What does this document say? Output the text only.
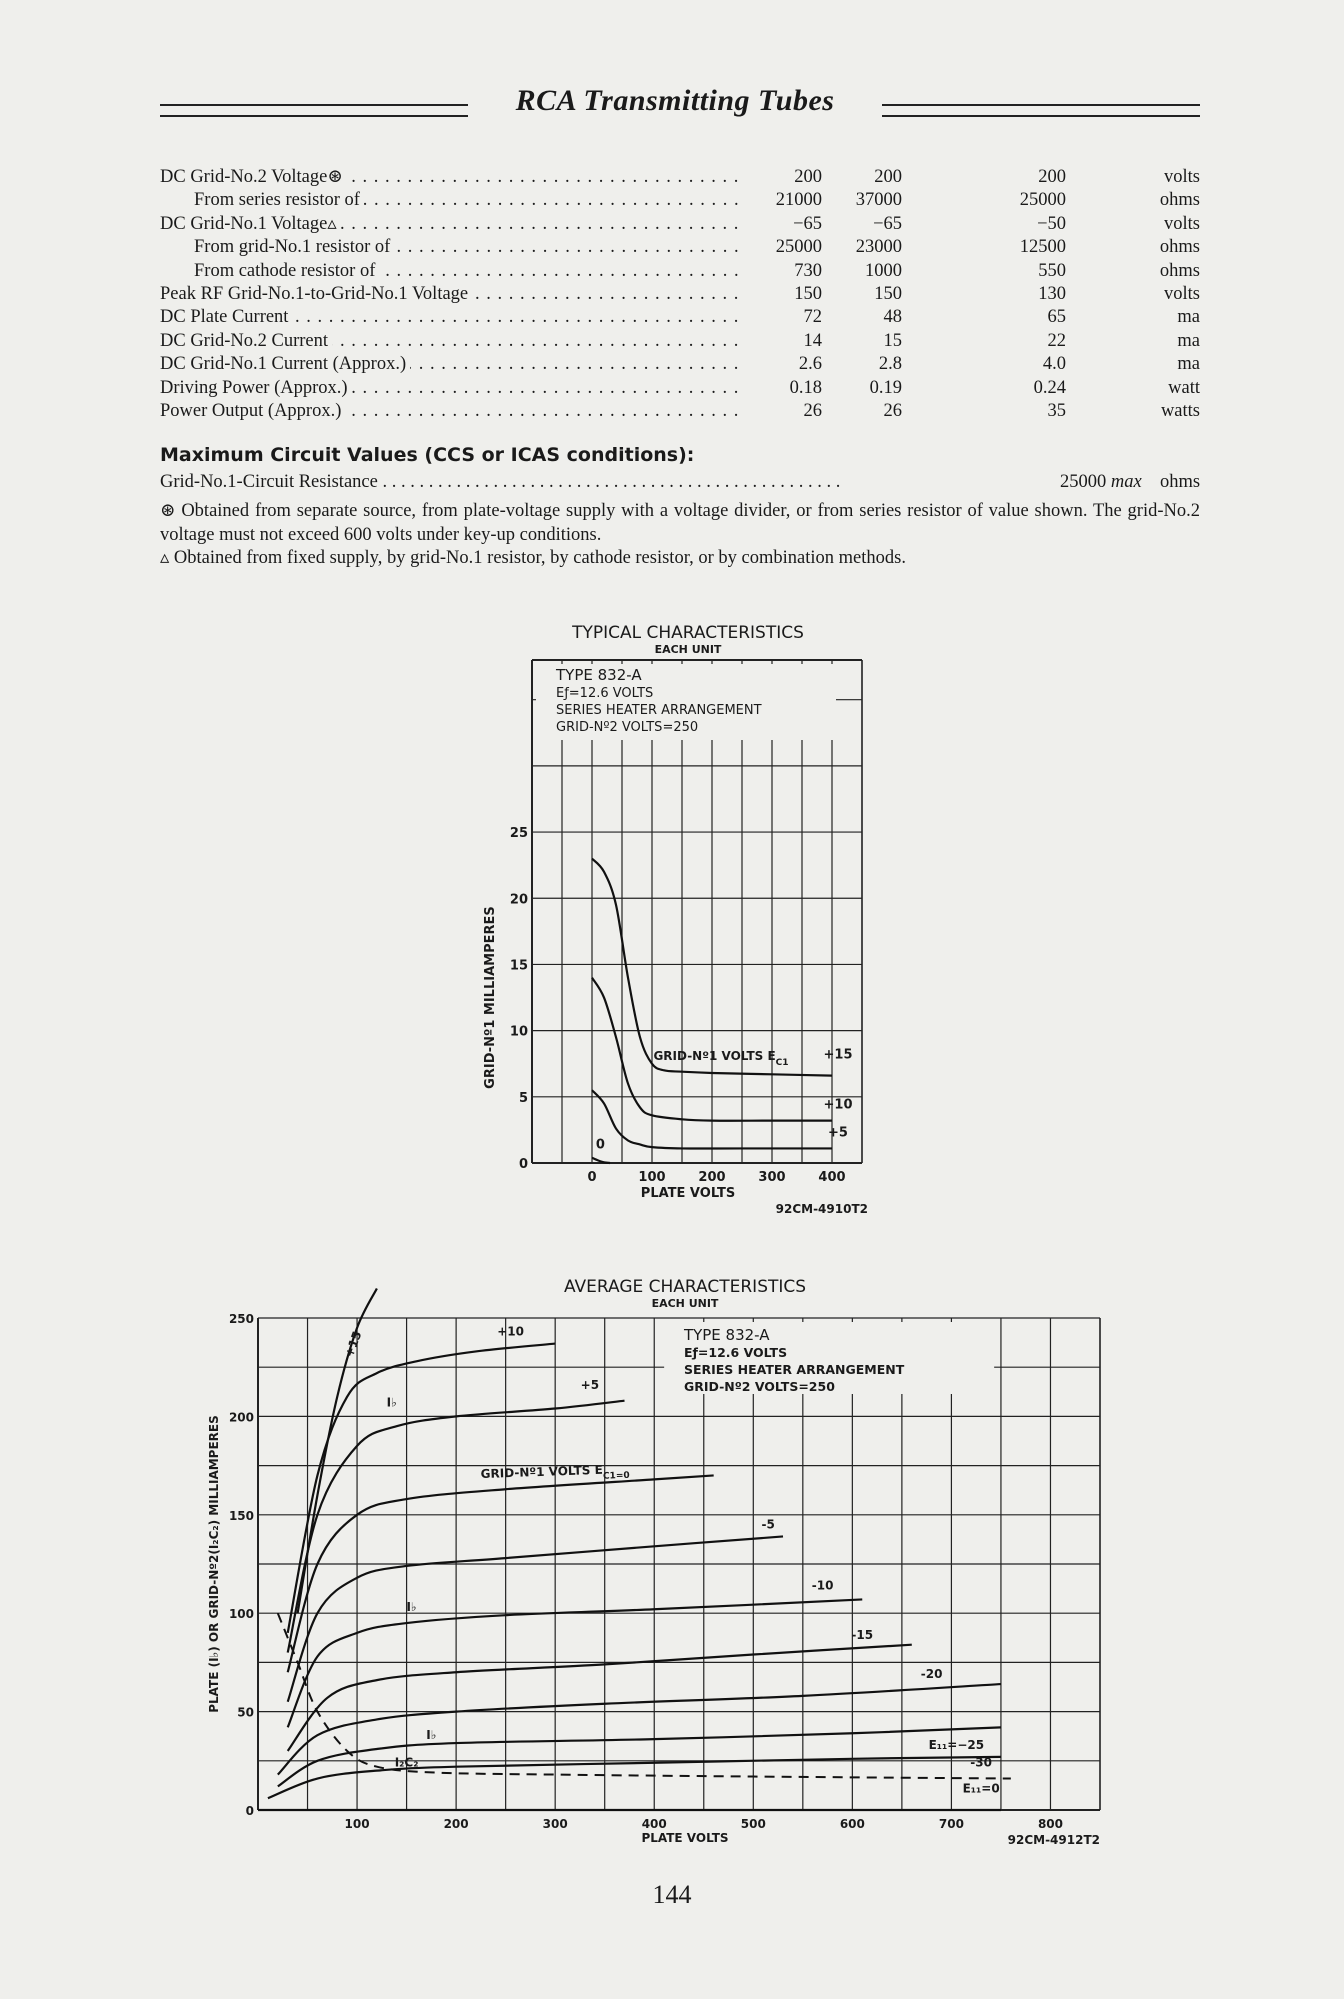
RCA Transmitting Tubes
DC Grid-No.2 Voltage⊛ . . .	200	200	200	volts
From series resistor of . . .	21000	37000	25000	ohms
DC Grid-No.1 Voltage▵ . . .	−65	−65	−50	volts
From grid-No.1 resistor of . . .	25000	23000	12500	ohms
From cathode resistor of . . .	730	1000	550	ohms
Peak RF Grid-No.1-to-Grid-No.1 Voltage . . .	150	150	130	volts
DC Plate Current . . .	72	48	65	ma
DC Grid-No.2 Current . . .	14	15	22	ma
DC Grid-No.1 Current (Approx.) . . .	2.6	2.8	4.0	ma
Driving Power (Approx.) . . .	0.18	0.19	0.24	watt
Power Output (Approx.) . . .	26	26	35	watts
Maximum Circuit Values (CCS or ICAS conditions):
Grid-No.1-Circuit Resistance . . . . . . . . . . . . . . . . . . . . . . . . . . . . . . . . . . . . . . . . . . . . . . . . . .	25000 max ohms

⊛ Obtained from separate source, from plate-voltage supply with a voltage divider, or from series resistor of value shown. The grid-No.2 voltage must not exceed 600 volts under key-up conditions.

▵ Obtained from fixed supply, by grid-No.1 resistor, by cathode resistor, or by combination methods.

TYPICAL CHARACTERISTICS
EACH UNIT
TYPE 832-A
Eƒ=12.6 VOLTS
SERIES HEATER ARRANGEMENT
GRID-Nº2 VOLTS=250
0	100	200	300	400
0
5
10
15
20
25
PLATE VOLTS
GRID-Nº1 MILLIAMPERES
92CM-4910T2
+15
+10
+5
0
GRID-Nº1 VOLTS $E_{C1}$
AVERAGE CHARACTERISTICS
EACH UNIT
TYPE 832-A
Eƒ=12.6 VOLTS
SERIES HEATER ARRANGEMENT
GRID-Nº2 VOLTS=250
100	200	300	400	500	600	700	800
0
50
100
150
200
250
PLATE VOLTS
PLATE (I♭) OR GRID-Nº2(I₂C₂) MILLIAMPERES
92CM-4912T2
+15	+10
+5
-5
-10
-15
-20
E₁₁=−25
-30
E₁₁=0
GRID-Nº1 VOLTS $E_{C1=0}$
I♭
I♭
I♭
I₂C₂
144
